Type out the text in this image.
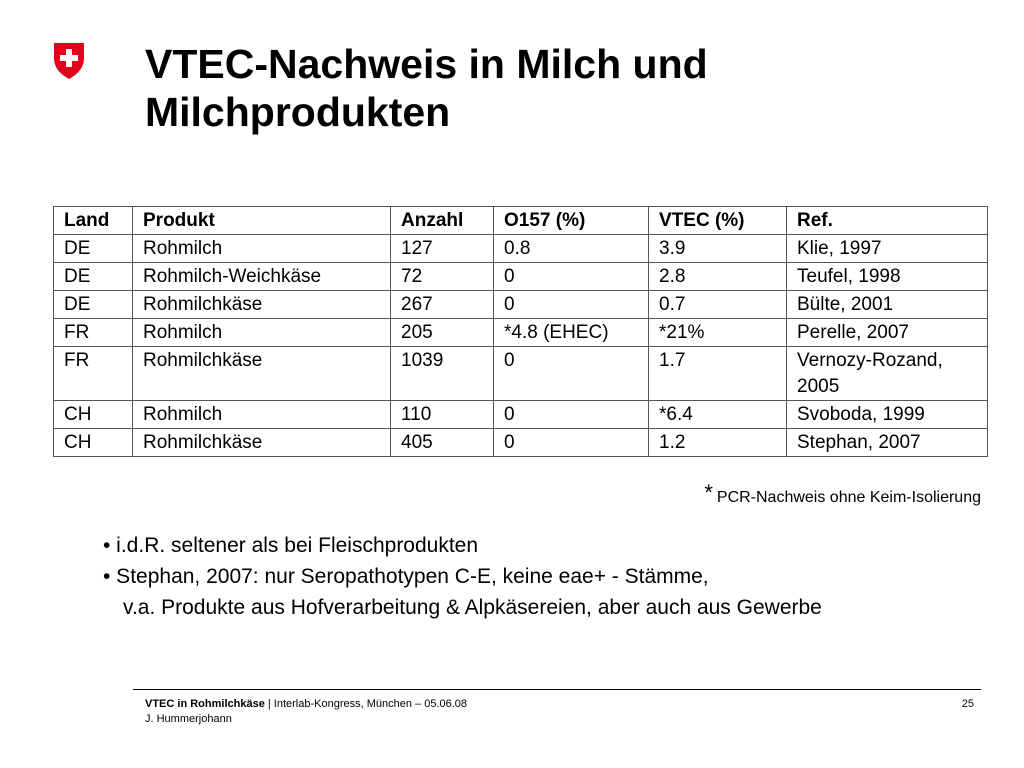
VTEC-Nachweis in Milch und
Milchprodukten
Land	Produkt	Anzahl	O157 (%)	VTEC (%)	Ref.
DE	Rohmilch	127	0.8	3.9	Klie, 1997
DE	Rohmilch-Weichkäse	72	0	2.8	Teufel, 1998
DE	Rohmilchkäse	267	0	0.7	Bülte, 2001
FR	Rohmilch	205	*4.8 (EHEC)	*21%	Perelle, 2007
FR	Rohmilchkäse	1039	0	1.7	Vernozy-Rozand, 2005
CH	Rohmilch	110	0	*6.4	Svoboda, 1999
CH	Rohmilchkäse	405	0	1.2	Stephan, 2007
* PCR-Nachweis ohne Keim-Isolierung
• i.d.R. seltener als bei Fleischprodukten
• Stephan, 2007: nur Seropathotypen C-E, keine eae+ - Stämme,
v.a. Produkte aus Hofverarbeitung & Alpkäsereien, aber auch aus Gewerbe
VTEC in Rohmilchkäse | Interlab-Kongress, München – 05.06.08
J. Hummerjohann
25
